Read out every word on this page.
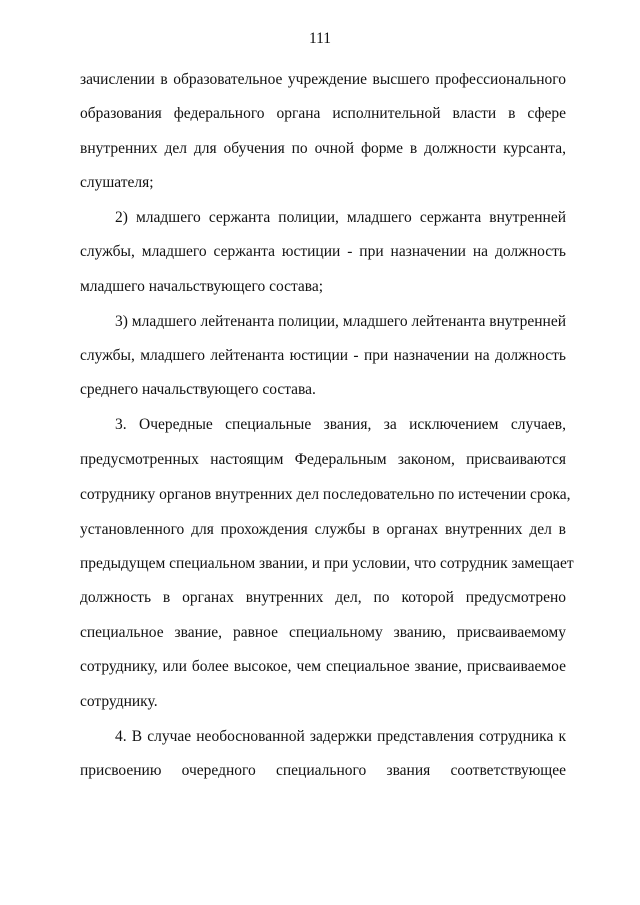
111
зачислении в образовательное учреждение высшего профессионального
образования федерального органа исполнительной власти в сфере
внутренних дел для обучения по очной форме в должности курсанта,
слушателя;
2) младшего сержанта полиции, младшего сержанта внутренней
службы, младшего сержанта юстиции - при назначении на должность
младшего начальствующего состава;
3) младшего лейтенанта полиции, младшего лейтенанта внутренней
службы, младшего лейтенанта юстиции - при назначении на должность
среднего начальствующего состава.
3. Очередные специальные звания, за исключением случаев,
предусмотренных настоящим Федеральным законом, присваиваются
сотруднику органов внутренних дел последовательно по истечении срока,
установленного для прохождения службы в органах внутренних дел в
предыдущем специальном звании, и при условии, что сотрудник замещает
должность в органах внутренних дел, по которой предусмотрено
специальное звание, равное специальному званию, присваиваемому
сотруднику, или более высокое, чем специальное звание, присваиваемое
сотруднику.
4. В случае необоснованной задержки представления сотрудника к
присвоению очередного специального звания соответствующее
